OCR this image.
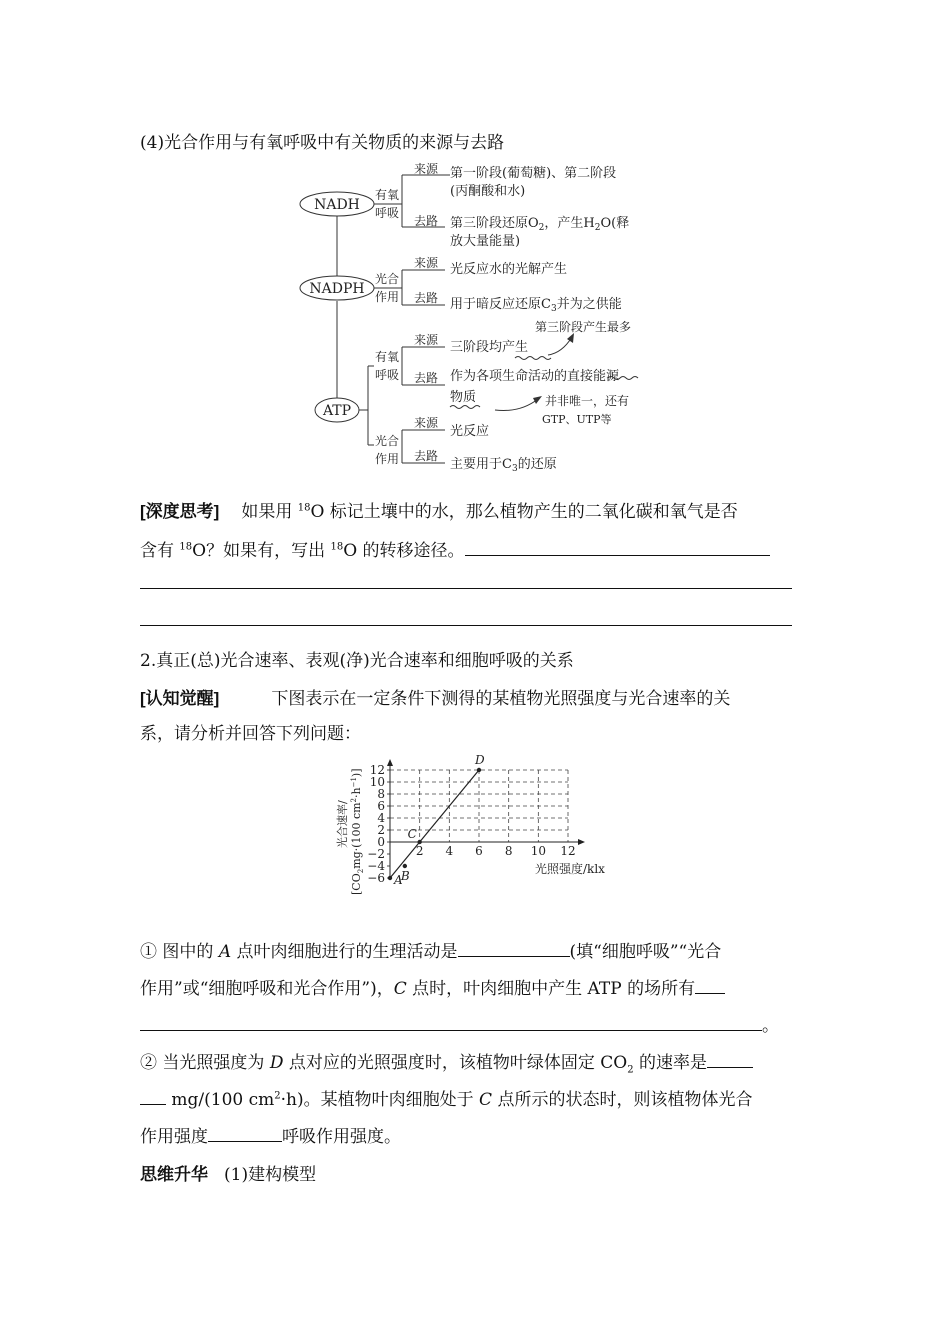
(4)光合作用与有氧呼吸中有关物质的来源与去路
NADH
NADPH
ATP
有氧
呼吸
光合
作用
有氧
呼吸
光合
作用
来源
去路
来源
去路
来源
去路
来源
去路
第一阶段(葡萄糖)、第二阶段
(丙酮酸和水)
第三阶段还原$O_2$，产生$H_2O$(释
放大量能量)
光反应水的光解产生
用于暗反应还原$C_3$并为之供能
第三阶段产生最多
三阶段均产生
作为各项生命活动的直接能源
物质	并非唯一，还有
GTP、UTP等
光反应
主要用于$C_3$的还原
[深度思考] 如果用 $^{18}$O 标记土壤中的水，那么植物产生的二氧化碳和氧气是否
含有 $^{18}$O？如果有，写出 $^{18}$O 的转移途径。
2.真正(总)光合速率、表观(净)光合速率和细胞呼吸的关系
[认知觉醒]	下图表示在一定条件下测得的某植物光照强度与光合速率的关
系，请分析并回答下列问题：
12
10
8
6
4
2
0
−2
−4
−6
2 4 6 8 10 12
A
B
C
D
光照强度/klx
光合速率/
[$CO_2mg\cdot(100$ $cm^2\cdot h^{-1}$)]
① 图中的 A 点叶肉细胞进行的生理活动是	(填“细胞呼吸”“光合
作用”或“细胞呼吸和光合作用”)，C 点时，叶肉细胞中产生 ATP 的场所有
。
② 当光照强度为 D 点对应的光照强度时，该植物叶绿体固定 $CO_2$ 的速率是
mg/(100 $cm^2\cdot h$)。某植物叶肉细胞处于 C 点所示的状态时，则该植物体光合
作用强度	呼吸作用强度。
思维升华 (1)建构模型
